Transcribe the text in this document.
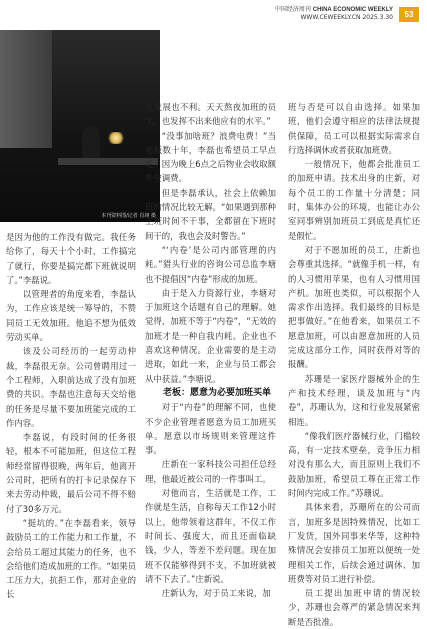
中国经济周刊 CHINA ECONOMIC WEEKLY
WWW.CEWEEKLY.CN 2025.3.30	53
本刊资料图/记者 肖翊 摄

是因为他的工作没有做完。我任务给你了，每天十个小时，工作搞完了就行，你要是搞完都下班就说明了。”李磊说。

以管理者的角度来看，李磊认为，工作应该是统一筹导的，不赞同员工无效加班。他追不想为低效劳动买单。

该及公司经历的一起劳动仲裁，李磊很无奈。公司曾聘用过一个工程师，入职前达成了没有加班费的共识。李磊也注意每天交给他的任务是尽量不要加班能完成的工作内容。

李磊说，有段时间的任务很轻，根本不可能加班，但这位工程师经常留得很晚，两年后，他离开公司时，把所有的打卡记录保存下来去劳动仲裁，最后公司不得不赔付了30多万元。

“挺坑的。”在李磊看来，领导鼓励员工的工作能力和工作量，不会给员工超过其能力的任务，也不会给他们造成加班的工作。“如果员工压力大，抗拒工作，那对企业的长

久发展也不利。天天熬夜加班的员工，也发挥不出来他应有的水平。”

“没事加啥班？浪费电费！”当老板数十年，李磊也希望员工早点走。因为晚上6点之后物业会收取额外空调费。

但是李磊承认，社会上依赖加班的情况比较无解。“如果遇到那种上班时间不干事，全都留在下班时间干的，我也会及时警告。”

“‘内卷’是公司内部管理的内耗。”猎头行业的咨询公司总监李塘也不提倡因“内卷”形成的加班。

由于是入力资源行业，李塘对于加班这个话题有自己的理解。她觉得，加班不等于“内卷”，“无效的加班才是一种自我内耗。企业也不喜欢这种情况。企业需要的是主动进取，如此一来，企业与员工都会从中获益。”李塘说。

老板：愿意为必要加班买单

对于“内卷”的理解不同，也使不少企业管理者愿意为员工加班买单。愿意以市场规则来管理这件事。

庄新在一家科技公司担任总经理，他最近被公司的一件事叫工。

对他而言，生活就是工作，工作就是生活，自称每天工作12小时以上，他带领着这群年，不仅工作时间长、强度大，而且还面临缺钱，少人，等差不差问题。现在加班不仅能够得到不支，不加班就被请不下去了。”庄新说。

庄新认为，对于员工来说，加

班与否是可以自由选择。如果加班，他们会遵守相应的法律法规提供保障，员工可以根据实际需求自行选择调休或者获取加班费。

一般情况下，他都会批准员工的加班申请。技术出身的庄新，对每个员工的工作量十分清楚；同时，集体办公的环境，也能让办公室同事辨别加班员工到底是真忙还是假忙。

对于不愿加班的员工，庄新也会尊重其选择。“就像手机一样，有的人习惯用苹果，也有人习惯用国产机。加班也类似，可以根据个人需求作出选择。我们最终的目标是把事做好。”在他看来，如果员工不愿意加班，可以由愿意加班的人员完成这部分工作，同时获得对等的报酬。

苏珊是一家医疗器械外企的生产和技术经理，谈及加班与“内卷”，苏珊认为，这和行业发展紧密相连。

“像我们医疗器械行业，门槛较高，有一定技术壁垒，竞争压力相对没有那么大，而且原则上我们不鼓励加班，希望员工尊在正常工作时间内完成工作。”苏珊说。

具体来看，苏珊所在的公司而言，加班多是因特殊情况，比如工厂发货，国外同事来华等，这种特殊情况会安排员工加班以便统一处理相关工作，后续会通过调休、加班费等对员工进行补偿。

员工提出加班申请的情况较少，苏珊也会尊严的紧急情况来判断是否批准。
